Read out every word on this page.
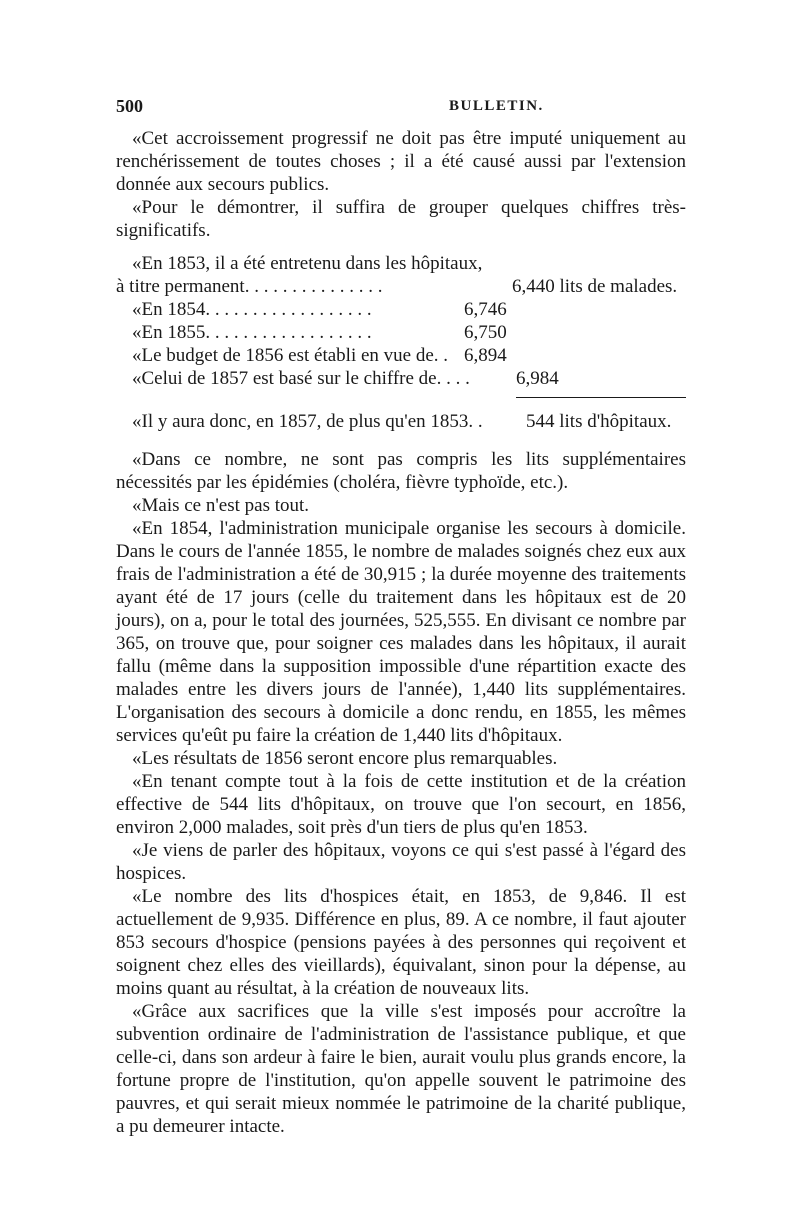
500	BULLETIN.

«Cet accroissement progressif ne doit pas être imputé uniquement au renchérissement de toutes choses ; il a été causé aussi par l'extension donnée aux secours publics.

«Pour le démontrer, il suffira de grouper quelques chiffres très-significatifs.

«En 1853, il a été entretenu dans les hôpitaux,
à titre permanent. . . . . . . . . . . . . . .	6,440 lits de malades.
«En 1854. . . . . . . . . . . . . . . . . .	6,746
«En 1855. . . . . . . . . . . . . . . . . .	6,750
«Le budget de 1856 est établi en vue de. . 6,894
«Celui de 1857 est basé sur le chiffre de. . . . 6,984
«Il y aura donc, en 1857, de plus qu'en 1853. . 544 lits d'hôpitaux.

«Dans ce nombre, ne sont pas compris les lits supplémentaires nécessités par les épidémies (choléra, fièvre typhoïde, etc.).

«Mais ce n'est pas tout.

«En 1854, l'administration municipale organise les secours à domicile. Dans le cours de l'année 1855, le nombre de malades soignés chez eux aux frais de l'administration a été de 30,915 ; la durée moyenne des traitements ayant été de 17 jours (celle du traitement dans les hôpitaux est de 20 jours), on a, pour le total des journées, 525,555. En divisant ce nombre par 365, on trouve que, pour soigner ces malades dans les hôpitaux, il aurait fallu (même dans la supposition impossible d'une répartition exacte des malades entre les divers jours de l'année), 1,440 lits supplémentaires. L'organisation des secours à domicile a donc rendu, en 1855, les mêmes services qu'eût pu faire la création de 1,440 lits d'hôpitaux.

«Les résultats de 1856 seront encore plus remarquables.

«En tenant compte tout à la fois de cette institution et de la création effective de 544 lits d'hôpitaux, on trouve que l'on secourt, en 1856, environ 2,000 malades, soit près d'un tiers de plus qu'en 1853.

«Je viens de parler des hôpitaux, voyons ce qui s'est passé à l'égard des hospices.

«Le nombre des lits d'hospices était, en 1853, de 9,846. Il est actuellement de 9,935. Différence en plus, 89. A ce nombre, il faut ajouter 853 secours d'hospice (pensions payées à des personnes qui reçoivent et soignent chez elles des vieillards), équivalant, sinon pour la dépense, au moins quant au résultat, à la création de nouveaux lits.

«Grâce aux sacrifices que la ville s'est imposés pour accroître la subvention ordinaire de l'administration de l'assistance publique, et que celle-ci, dans son ardeur à faire le bien, aurait voulu plus grands encore, la fortune propre de l'institution, qu'on appelle souvent le patrimoine des pauvres, et qui serait mieux nommée le patrimoine de la charité publique, a pu demeurer intacte.
